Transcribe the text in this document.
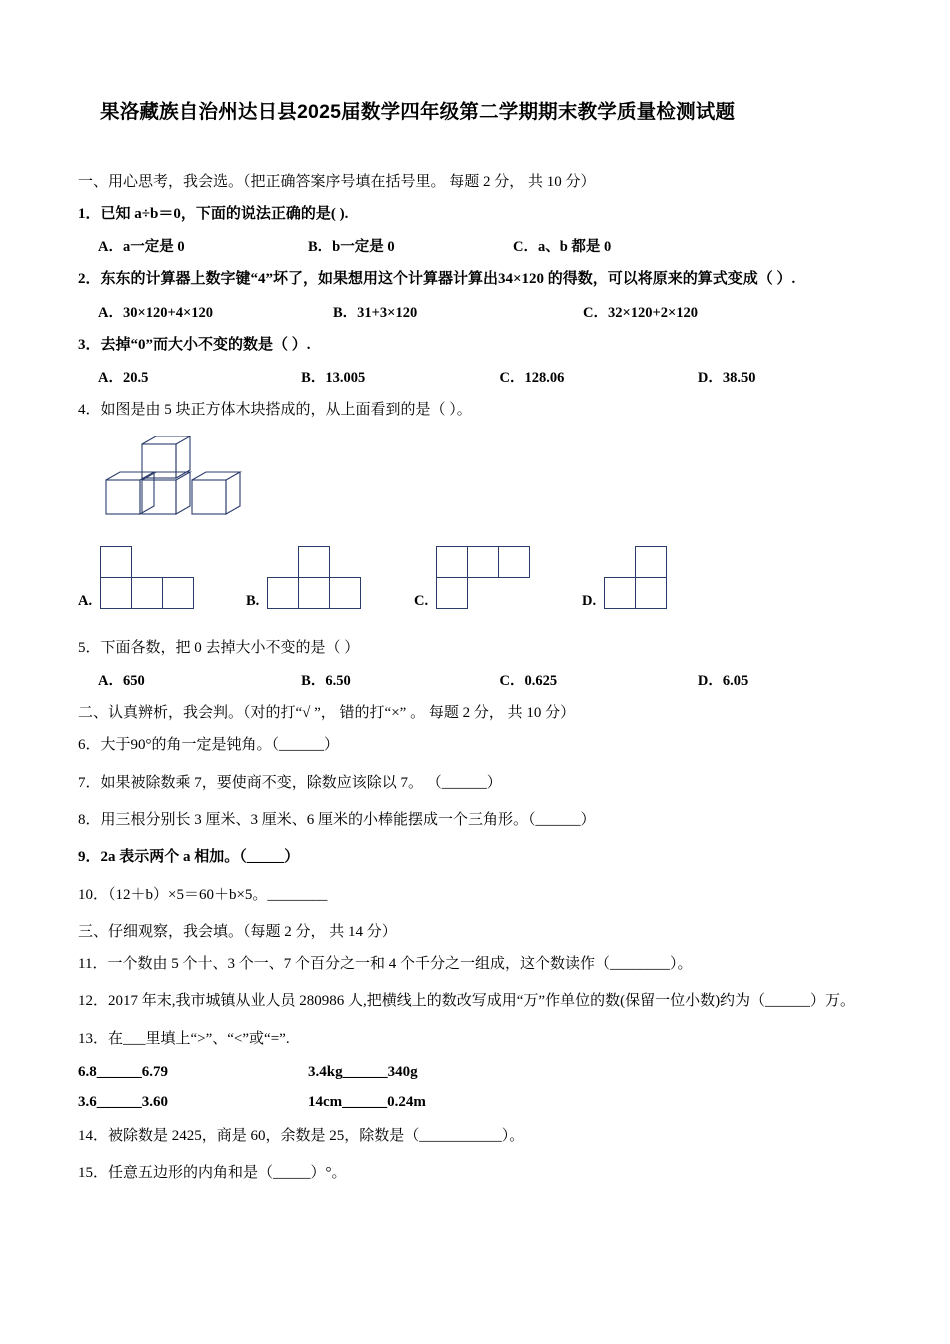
果洛藏族自治州达日县2025届数学四年级第二学期期末教学质量检测试题
一、用心思考，我会选。（把正确答案序号填在括号里。 每题 2 分， 共 10 分）
1．已知 a÷b＝0，下面的说法正确的是( ).
A．a一定是 0	B．b一定是 0	C．a、b 都是 0
2．东东的计算器上数字键“4”坏了，如果想用这个计算器计算出34×120 的得数，可以将原来的算式变成（ ）.
A．30×120+4×120	B．31+3×120	C．32×120+2×120
3．去掉“0”而大小不变的数是（ ）.
A．20.5	B．13.005	C．128.06	D．38.50
4．如图是由 5 块正方体木块搭成的，从上面看到的是（ ）。
A.	B.	C.	D.
5．下面各数，把 0 去掉大小不变的是（ ）
A．650	B．6.50	C．0.625	D．6.05
二、认真辨析，我会判。（对的打“√ ”， 错的打“×” 。 每题 2 分， 共 10 分）
6．大于90°的角一定是钝角。（______）
7．如果被除数乘 7，要使商不变，除数应该除以 7。 （______）
8．用三根分别长 3 厘米、3 厘米、6 厘米的小棒能摆成一个三角形。（______）
9．2a 表示两个 a 相加。（_____）
10．（12＋b）×5＝60＋b×5。________
三、仔细观察，我会填。（每题 2 分， 共 14 分）
11．一个数由 5 个十、3 个一、7 个百分之一和 4 个千分之一组成，这个数读作（________）。
12．2017 年末,我市城镇从业人员 280986 人,把横线上的数改写成用“万”作单位的数(保留一位小数)约为（______）万。
13．在___里填上“>”、“<”或“=”.
6.8______6.79	3.4kg______340g
3.6______3.60	14cm______0.24m
14．被除数是 2425，商是 60，余数是 25，除数是（___________）。
15．任意五边形的内角和是（_____）°。
